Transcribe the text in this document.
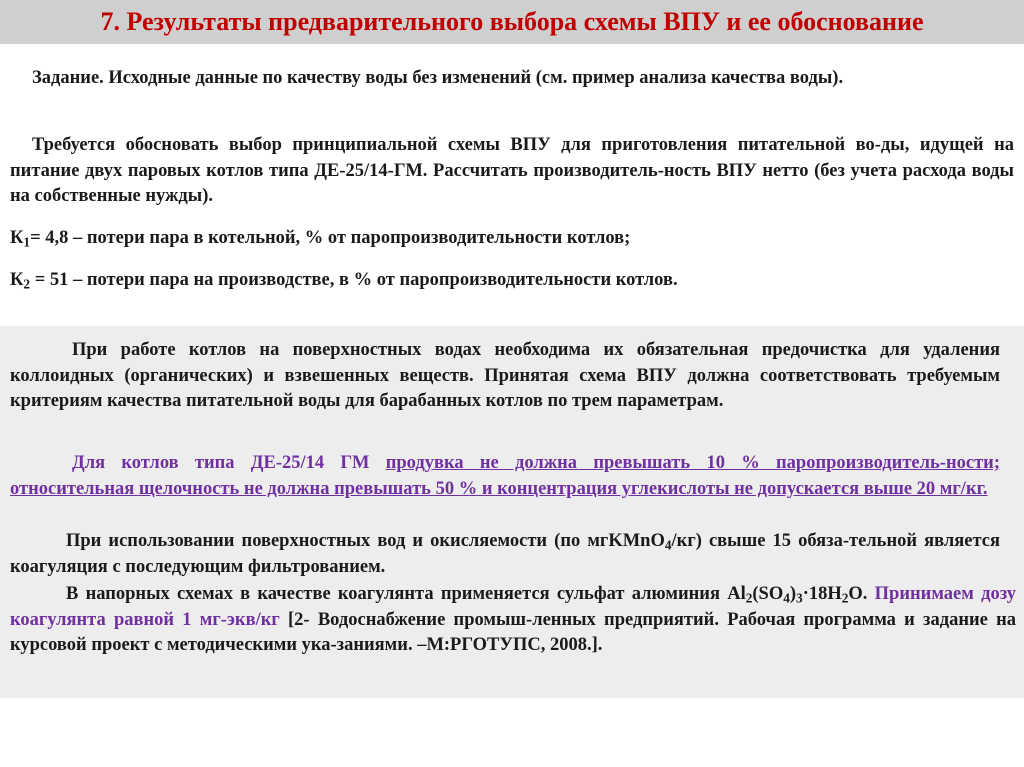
7. Результаты предварительного выбора схемы ВПУ и ее обоснование
Задание. Исходные данные по качеству воды без изменений (см. пример анализа качества воды).
Требуется обосновать выбор принципиальной схемы ВПУ для приготовления питательной во-ды, идущей на питание двух паровых котлов типа ДЕ-25/14-ГМ. Рассчитать производитель-ность ВПУ нетто (без учета расхода воды на собственные нужды).
$К_1= 4,8$ – потери пара в котельной, % от паропроизводительности котлов;
$К_2 = 51$ – потери пара на производстве, в % от паропроизводительности котлов.
При работе котлов на поверхностных водах необходима их обязательная предочистка для удаления коллоидных (органических) и взвешенных веществ. Принятая схема ВПУ должна соответствовать требуемым критериям качества питательной воды для барабанных котлов по трем параметрам.
Для котлов типа ДЕ-25/14 ГМ продувка не должна превышать 10 % паропроизводитель-ности; относительная щелочность не должна превышать 50 % и концентрация углекислоты не допускается выше 20 мг/кг.
При использовании поверхностных вод и окисляемости (по мгKMnO$_4$/кг) свыше 15 обяза-тельной является коагуляция с последующим фильтрованием.
В напорных схемах в качестве коагулянта применяется сульфат алюминия $Al_2(SO_4)_3\cdot 18H_2O$. Принимаем дозу коагулянта равной 1 мг-экв/кг [2- Водоснабжение промыш-ленных предприятий. Рабочая программа и задание на курсовой проект с методическими ука-заниями. –М:РГОТУПС, 2008.].
